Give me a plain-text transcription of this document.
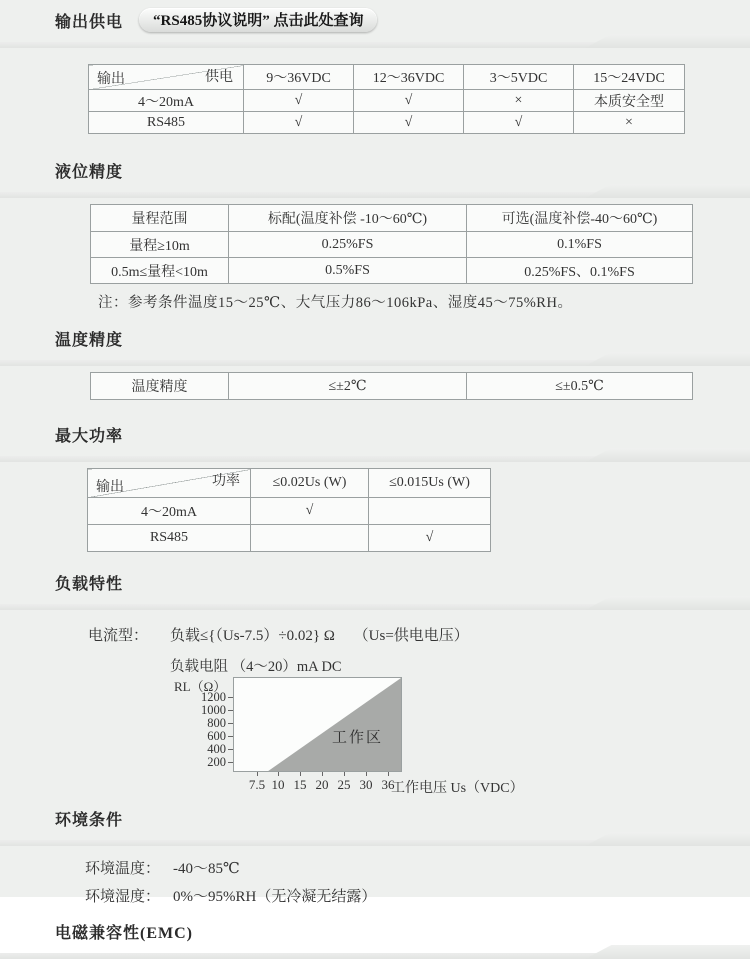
输出供电	“RS485协议说明” 点击此处查询
供电
输出	9～36VDC	12～36VDC	3～5VDC	15～24VDC
4～20mA	√	√	×	本质安全型
RS485	√	√	√	×
液位精度
量程范围	标配(温度补偿 -10～60℃)	可选(温度补偿-40～60℃)
量程≥10m	0.25%FS	0.1%FS
0.5m≤量程<10m	0.5%FS	0.25%FS、0.1%FS
注：参考条件温度15～25℃、大气压力86～106kPa、湿度45～75%RH。
温度精度
温度精度	≤±2℃	≤±0.5℃
最大功率
功率
输出	≤0.02Us (W)	≤0.015Us (W)
4～20mA	√	
RS485		√
负载特性
电流型：	负载≤{（Us-7.5）÷0.02} Ω　 （Us=供电电压）
负载电阻 （4～20）mA DC
RL（Ω）
1200
1000
800
600
400
200
工作区
7.5 10 15 20 25 30 36
工作电压 Us（VDC）
环境条件
环境温度： -40～85℃
环境湿度： 0%～95%RH（无冷凝无结露）
电磁兼容性(EMC)
